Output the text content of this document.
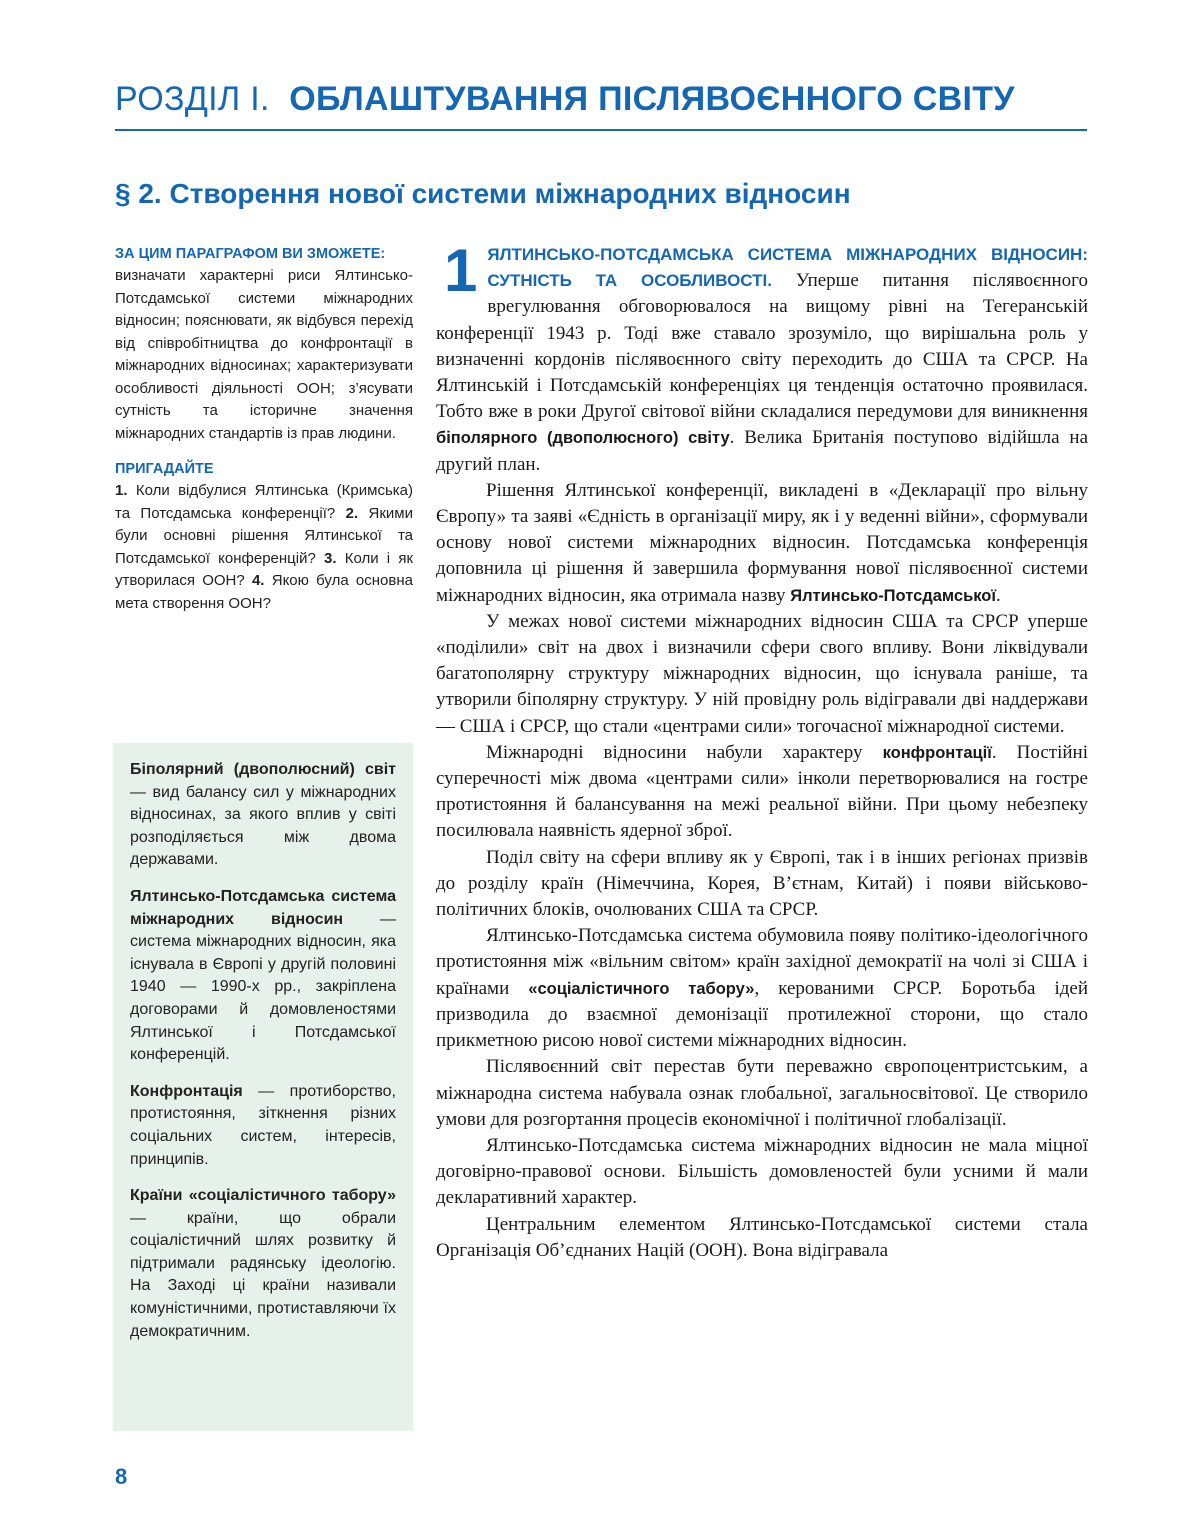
РОЗДІЛ І. ОБЛАШТУВАННЯ ПІСЛЯВОЄННОГО СВІТУ
§ 2. Створення нової системи міжнародних відносин
ЗА ЦИМ ПАРАГРАФОМ ВИ ЗМОЖЕТЕ:

визначати характерні риси Ялтинсько-Потсдамської системи міжнародних відносин; пояснювати, як відбувся перехід від співробітництва до конфронтації в міжнародних відносинах; характеризувати особливості діяльності ООН; з’ясувати сутність та історичне значення міжнародних стандартів із прав людини.

ПРИГАДАЙТЕ

1. Коли відбулися Ялтинська (Кримська) та Потсдамська конференції? 2. Якими були основні рішення Ялтинської та Потсдамської конференцій? 3. Коли і як утворилася ООН? 4. Якою була основна мета створення ООН?

Біполярний (двополюсний) світ — вид балансу сил у міжнародних відносинах, за якого вплив у світі розподіляється між двома державами.

Ялтинсько-Потсдамська система міжнародних відносин — система міжнародних відносин, яка існувала в Європі у другій половині 1940 — 1990-х рр., закріплена договорами й домовленостями Ялтинської і Потсдамської конференцій.

Конфронтація — протиборство, протистояння, зіткнення різних соціальних систем, інтересів, принципів.

Країни «соціалістичного табору» — країни, що обрали соціалістичний шлях розвитку й підтримали радянську ідеологію. На Заході ці країни називали комуністичними, протиставляючи їх демократичним.

1 ЯЛТИНСЬКО-ПОТСДАМСЬКА СИСТЕМА МІЖНАРОДНИХ ВІДНОСИН: СУТНІСТЬ ТА ОСОБЛИВОСТІ. Уперше питання післявоєнного врегулювання обговорювалося на вищому рівні на Тегеранській конференції 1943 р. Тоді вже ставало зрозуміло, що вирішальна роль у визначенні кордонів післявоєнного світу переходить до США та СРСР. На Ялтинській і Потсдамській конференціях ця тенденція остаточно проявилася. Тобто вже в роки Другої світової війни складалися передумови для виникнення біполярного (двополюсного) світу. Велика Британія поступово відійшла на другий план.

Рішення Ялтинської конференції, викладені в «Декларації про вільну Європу» та заяві «Єдність в організації миру, як і у веденні війни», сформували основу нової системи міжнародних відносин. Потсдамська конференція доповнила ці рішення й завершила формування нової післявоєнної системи міжнародних відносин, яка отримала назву Ялтинсько-Потсдамської.

У межах нової системи міжнародних відносин США та СРСР уперше «поділили» світ на двох і визначили сфери свого впливу. Вони ліквідували багатополярну структуру міжнародних відносин, що існувала раніше, та утворили біполярну структуру. У ній провідну роль відігравали дві наддержави — США і СРСР, що стали «центрами сили» тогочасної міжнародної системи.

Міжнародні відносини набули характеру конфронтації. Постійні суперечності між двома «центрами сили» інколи перетворювалися на гостре протистояння й балансування на межі реальної війни. При цьому небезпеку посилювала наявність ядерної зброї.

Поділ світу на сфери впливу як у Європі, так і в інших регіонах призвів до розділу країн (Німеччина, Корея, В’єтнам, Китай) і появи військово-політичних блоків, очолюваних США та СРСР.

Ялтинсько-Потсдамська система обумовила появу політико-ідеологічного протистояння між «вільним світом» країн західної демократії на чолі зі США і країнами «соціалістичного табору», керованими СРСР. Боротьба ідей призводила до взаємної демонізації протилежної сторони, що стало прикметною рисою нової системи міжнародних відносин.

Післявоєнний світ перестав бути переважно європоцентристським, а міжнародна система набувала ознак глобальної, загальносвітової. Це створило умови для розгортання процесів економічної і політичної глобалізації.

Ялтинсько-Потсдамська система міжнародних відносин не мала міцної договірно-правової основи. Більшість домовленостей були усними й мали декларативний характер.

Центральним елементом Ялтинсько-Потсдамської системи стала Організація Об’єднаних Націй (ООН). Вона відігравала

8
